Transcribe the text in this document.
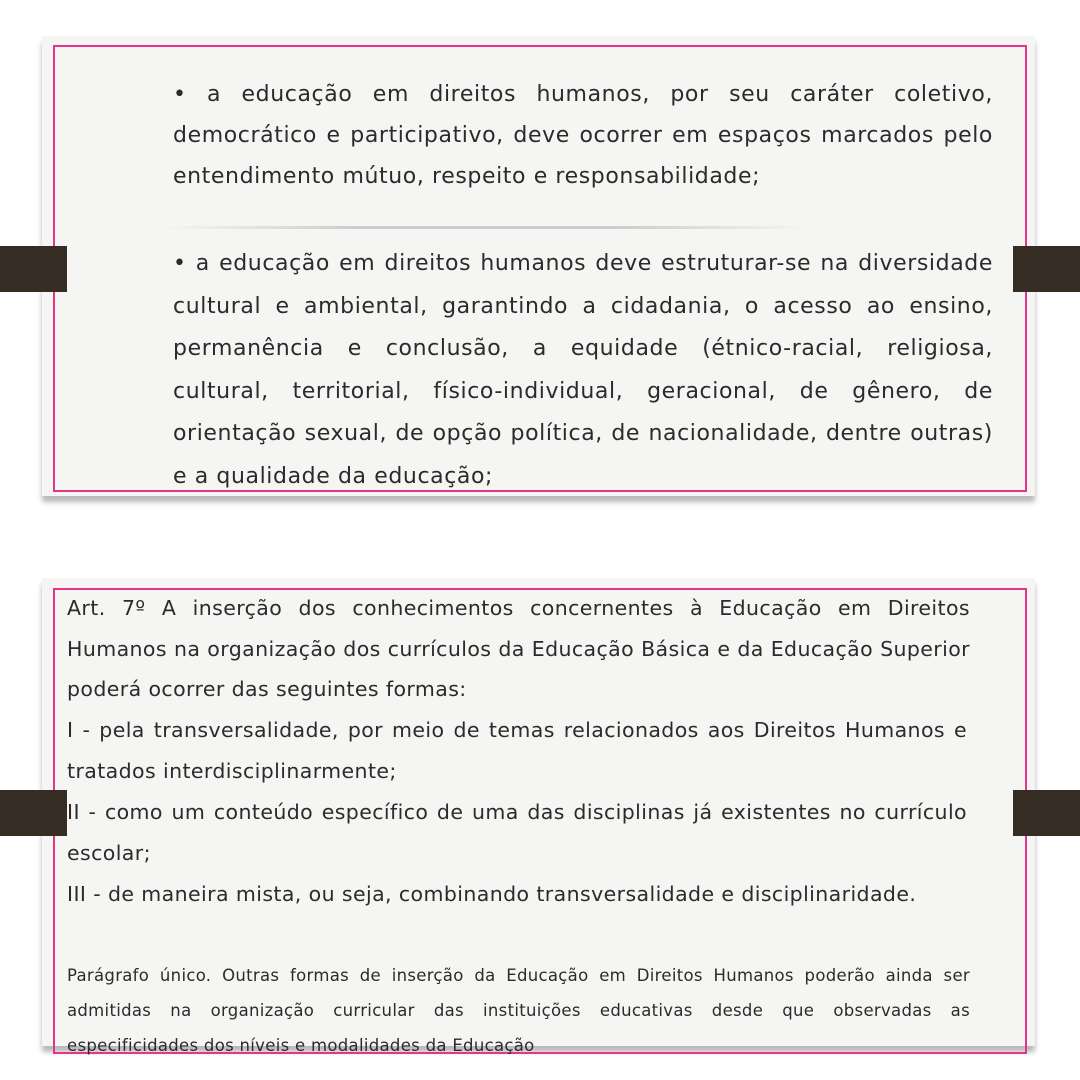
• a educação em direitos humanos, por seu caráter coletivo, democrático e participativo, deve ocorrer em espaços marcados pelo entendimento mútuo, respeito e responsabilidade;

• a educação em direitos humanos deve estruturar-se na diversidade cultural e ambiental, garantindo a cidadania, o acesso ao ensino, permanência e conclusão, a equidade (étnico-racial, religiosa, cultural, territorial, físico-individual, geracional, de gênero, de orientação sexual, de opção política, de nacionalidade, dentre outras) e a qualidade da educação;

Art. 7º A inserção dos conhecimentos concernentes à Educação em Direitos Humanos na organização dos currículos da Educação Básica e da Educação Superior poderá ocorrer das seguintes formas:

I - pela transversalidade, por meio de temas relacionados aos Direitos Humanos e tratados interdisciplinarmente;

II - como um conteúdo específico de uma das disciplinas já existentes no currículo escolar;

III - de maneira mista, ou seja, combinando transversalidade e disciplinaridade.

Parágrafo único. Outras formas de inserção da Educação em Direitos Humanos poderão ainda ser admitidas na organização curricular das instituições educativas desde que observadas as especificidades dos níveis e modalidades da Educação
